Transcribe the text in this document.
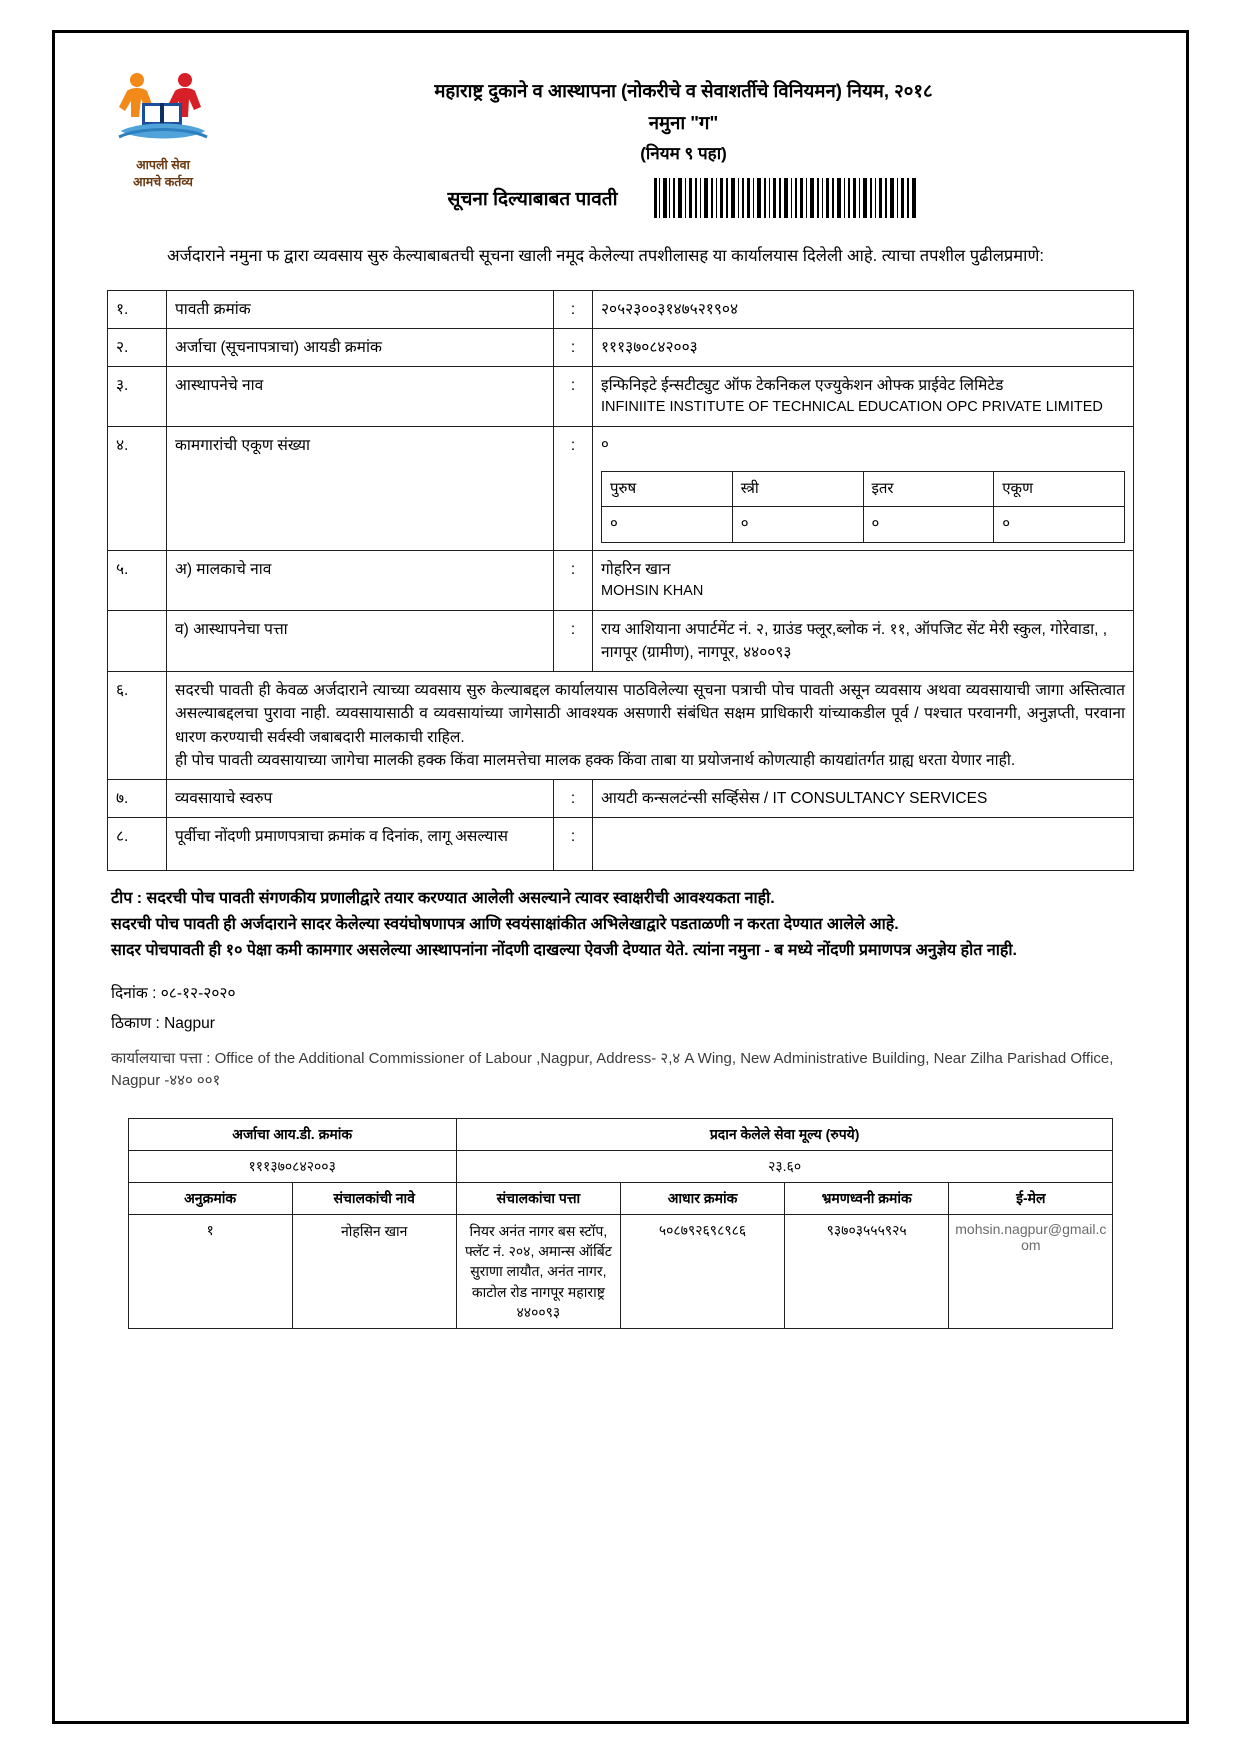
आपली सेवा
आमचे कर्तव्य
महाराष्ट्र दुकाने व आस्थापना (नोकरीचे व सेवाशर्तीचे विनियमन) नियम, २०१८
नमुना "ग"
(नियम ९ पहा)
सूचना दिल्याबाबत पावती
अर्जदाराने नमुना फ द्वारा व्यवसाय सुरु केल्याबाबतची सूचना खाली नमूद केलेल्या तपशीलासह या कार्यालयास दिलेली आहे. त्याचा तपशील पुढीलप्रमाणे:
१.	पावती क्रमांक	:	२०५२३००३१४७५२१९०४
२.	अर्जाचा (सूचनापत्राचा) आयडी क्रमांक	:	१११३७०८४२००३
३.	आस्थापनेचे नाव	:	इन्फिनिइटे ईन्सटीट्युट ऑफ टेकनिकल एज्युकेशन ओफ्क प्राईवेट लिमिटेड
INFINIITE INSTITUTE OF TECHNICAL EDUCATION OPC PRIVATE LIMITED

४.	कामगारांची एकूण संख्या	:	०
पुरुष	स्त्री	इतर	एकूण
०	०	०	०

५.	अ) मालकाचे नाव	:	गोहरिन खान
MOHSIN KHAN

	व) आस्थापनेचा पत्ता	:	राय आशियाना अपार्टमेंट नं. २, ग्राउंड फ्लूर,ब्लोक नं. ११, ऑपजिट सेंट मेरी स्कुल, गोरेवाडा, , नागपूर (ग्रामीण), नागपूर, ४४००९३
६.	सदरची पावती ही केवळ अर्जदाराने त्याच्या व्यवसाय सुरु केल्याबद्दल कार्यालयास पाठविलेल्या सूचना पत्राची पोच पावती असून व्यवसाय अथवा व्यवसायाची जागा अस्तित्वात असल्याबद्दलचा पुरावा नाही. व्यवसायासाठी व व्यवसायांच्या जागेसाठी आवश्यक असणारी संबंधित सक्षम प्राधिकारी यांच्याकडील पूर्व / पश्चात परवानगी, अनुज्ञप्ती, परवाना धारण करण्याची सर्वस्वी जबाबदारी मालकाची राहिल.
ही पोच पावती व्यवसायाच्या जागेचा मालकी हक्क किंवा मालमत्तेचा मालक हक्क किंवा ताबा या प्रयोजनार्थ कोणत्याही कायद्यांतर्गत ग्राह्य धरता येणार नाही.

७.	व्यवसायाचे स्वरुप	:	आयटी कन्सलटंन्सी सर्व्हिसेस / IT CONSULTANCY SERVICES
८.	पूर्वीचा नोंदणी प्रमाणपत्राचा क्रमांक व दिनांक, लागू असल्यास	:	

टीप : सदरची पोच पावती संगणकीय प्रणालीद्वारे तयार करण्यात आलेली असल्याने त्यावर स्वाक्षरीची आवश्यकता नाही.

सदरची पोच पावती ही अर्जदाराने सादर केलेल्या स्वयंघोषणापत्र आणि स्वयंसाक्षांकीत अभिलेखाद्वारे पडताळणी न करता देण्यात आलेले आहे.

सादर पोचपावती ही १० पेक्षा कमी कामगार असलेल्या आस्थापनांना नोंदणी दाखल्या ऐवजी देण्यात येते. त्यांना नमुना - ब मध्ये नोंदणी प्रमाणपत्र अनुज्ञेय होत नाही.

दिनांक : ०८-१२-२०२०
ठिकाण : Nagpur
कार्यालयाचा पत्ता : Office of the Additional Commissioner of Labour ,Nagpur, Address- २,४ A Wing, New Administrative Building, Near Zilha Parishad Office, Nagpur -४४० ००१
अर्जाचा आय.डी. क्रमांक		प्रदान केलेले सेवा मूल्य (रुपये)			
१११३७०८४२००३		२३.६०			
अनुक्रमांक	संचालकांची नावे	संचालकांचा पत्ता	आधार क्रमांक	भ्रमणध्वनी क्रमांक	ई-मेल
१	नोहसिन खान	नियर अनंत नागर बस स्टॉप, फ्लॅट नं. २०४, अमान्स ऑर्बिट सुराणा लायौत, अनंत नागर, काटोल रोड नागपूर महाराष्ट्र ४४००९३	५०८७९२६९८९८६	९३७०३५५५९२५	mohsin.nagpur@gmail.com
